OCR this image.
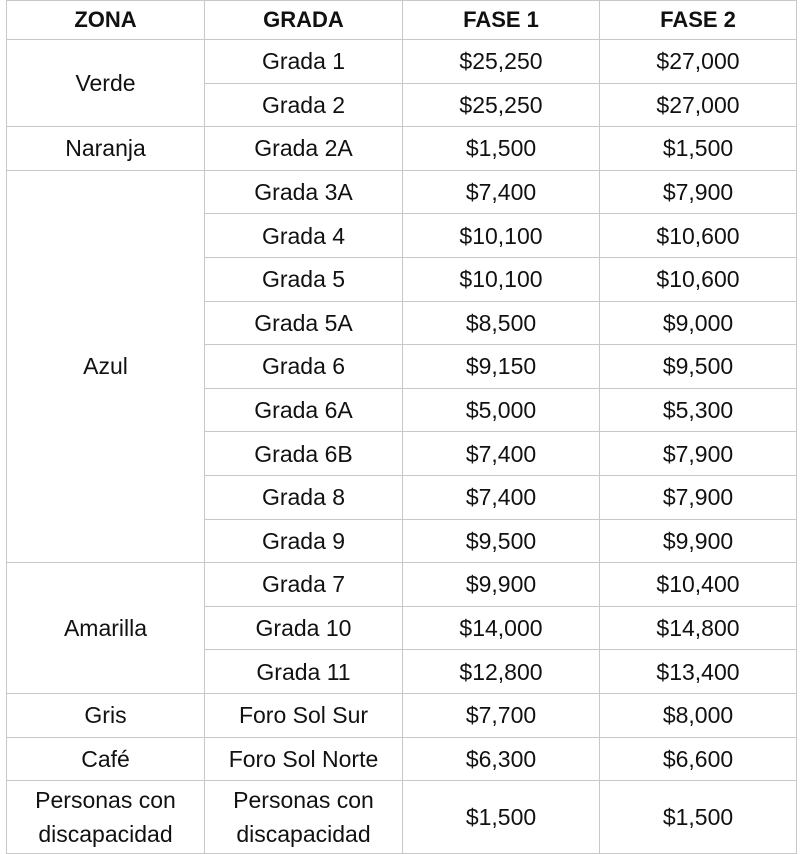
ZONA	GRADA	FASE 1	FASE 2
Verde	Grada 1	$25,250	$27,000
	Grada 2	$25,250	$27,000
Naranja	Grada 2A	$1,500	$1,500
Azul	Grada 3A	$7,400	$7,900
	Grada 4	$10,100	$10,600
	Grada 5	$10,100	$10,600
	Grada 5A	$8,500	$9,000
	Grada 6	$9,150	$9,500
	Grada 6A	$5,000	$5,300
	Grada 6B	$7,400	$7,900
	Grada 8	$7,400	$7,900
	Grada 9	$9,500	$9,900
Amarilla	Grada 7	$9,900	$10,400
	Grada 10	$14,000	$14,800
	Grada 11	$12,800	$13,400
Gris	Foro Sol Sur	$7,700	$8,000
Café	Foro Sol Norte	$6,300	$6,600
Personas con discapacidad	Personas con discapacidad	$1,500	$1,500
